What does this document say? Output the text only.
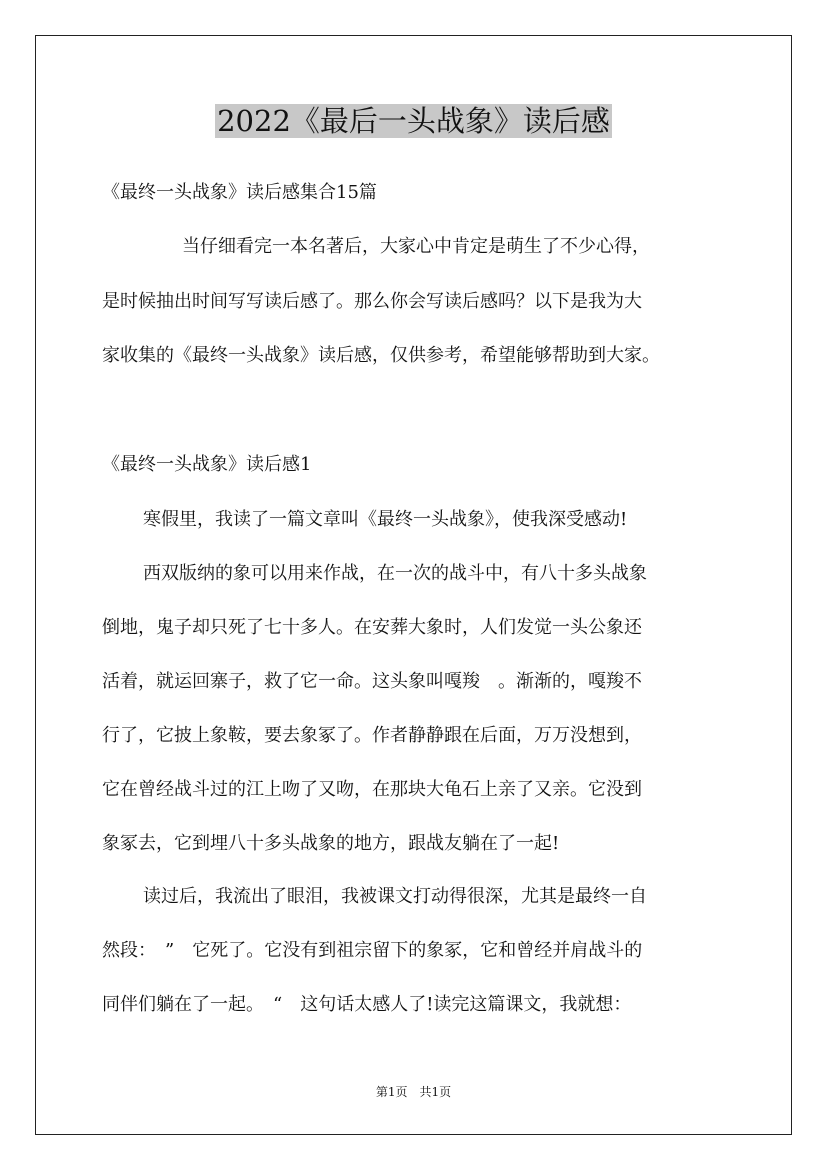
2022《最后一头战象》读后感
《最终一头战象》读后感集合15篇
当仔细看完一本名著后，大家心中肯定是萌生了不少心得，
是时候抽出时间写写读后感了。那么你会写读后感吗？以下是我为大
家收集的《最终一头战象》读后感，仅供参考，希望能够帮助到大家。
《最终一头战象》读后感1
寒假里，我读了一篇文章叫《最终一头战象》，使我深受感动!
西双版纳的象可以用来作战，在一次的战斗中，有八十多头战象
倒地，鬼子却只死了七十多人。在安葬大象时，人们发觉一头公象还
活着，就运回寨子，救了它一命。这头象叫嘎羧　。渐渐的，嘎羧不
行了，它披上象鞍，要去象冢了。作者静静跟在后面，万万没想到，
它在曾经战斗过的江上吻了又吻，在那块大龟石上亲了又亲。它没到
象冢去，它到埋八十多头战象的地方，跟战友躺在了一起!
读过后，我流出了眼泪，我被课文打动得很深，尤其是最终一自
然段：　”　它死了。它没有到祖宗留下的象冢，它和曾经并肩战斗的
同伴们躺在了一起。　“　这句话太感人了!读完这篇课文，我就想：
第1页　共1页
